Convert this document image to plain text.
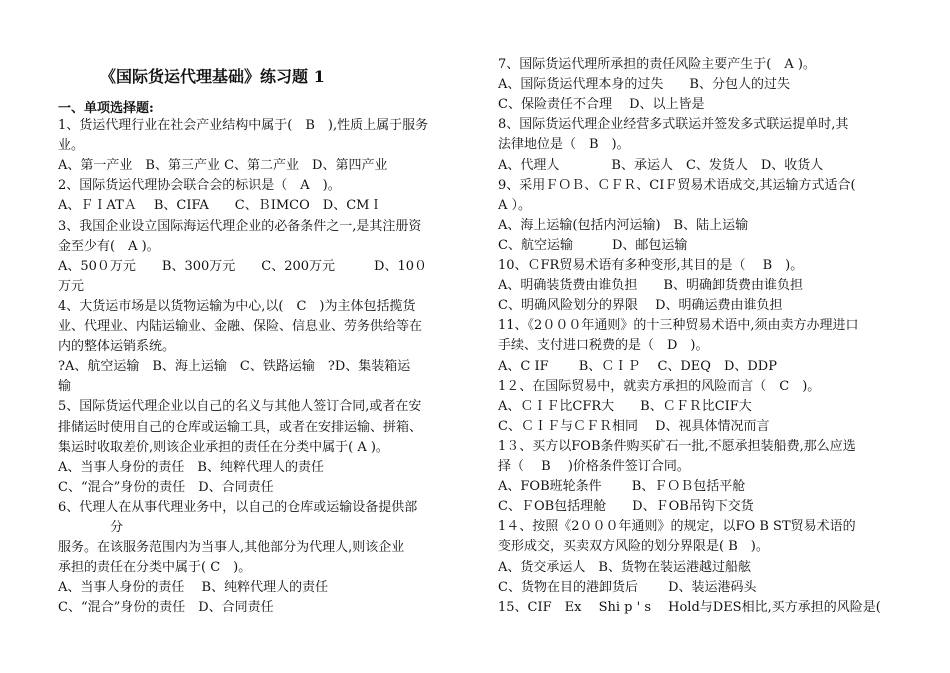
《国际货运代理基础》练习题 1
一、单项选择题:
1、货运代理行业在社会产业结构中属于(　B　),性质上属于服务
业。
A、第一产业　B、第三产业 C、第二产业　D、第四产业
2、国际货运代理协会联合会的标识是（　A　)。
A、ＦＩATＡ　 B、CIFA　　C、ＢIMCO　D、CMＩ
3、我国企业设立国际海运代理企业的必备条件之一,是其注册资
金至少有(　A )。
A、50０万元　　B、300万元　　C、200万元　　　D、10０
万元
4、大货运市场是以货物运输为中心,以(　C　)为主体包括揽货
业、代理业、内陆运输业、金融、保险、信息业、劳务供给等在
内的整体运销系统。
?A、航空运输　B、海上运输　C、铁路运输　?D、集装箱运
输
5、国际货运代理企业以自己的名义与其他人签订合同,或者在安
排储运时使用自己的仓库或运输工具，或者在安排运输、拼箱、
集运时收取差价,则该企业承担的责任在分类中属于( A )。
A、当事人身份的责任　B、纯粹代理人的责任
C、“混合”身份的责任　D、合同责任
6、代理人在从事代理业务中，以自己的仓库或运输设备提供部
　　　　分
服务。在该服务范围内为当事人,其他部分为代理人,则该企业
承担的责任在分类中属于( C　)。
A、当事人身份的责任　 B、纯粹代理人的责任
C、“混合”身份的责任　D、合同责任
7、国际货运代理所承担的责任风险主要产生于(　A )。
A、国际货运代理本身的过失　　B、分包人的过失
C、保险责任不合理　 D、以上皆是
8、国际货运代理企业经营多式联运并签发多式联运提单时,其
法律地位是（　B　)。
A、代理人　　　　B、承运人　C、发货人　D、收货人
9、采用ＦＯＢ、ＣＦＲ、CIＦ贸易术语成交,其运输方式适合(
A ）。
A、海上运输(包括内河运输)　B、陆上运输
C、航空运输　　　D、邮包运输
10、ＣFR贸易术语有多种变形,其目的是（　 B　)。
A、明确装货费由谁负担　　B、明确卸货费由谁负担
C、明确风险划分的界限　 D、明确运费由谁负担
11、《2０００年通则》的十三种贸易术语中,须由卖方办理进口
手续、支付进口税费的是（　D　)。
A、C IF　　 B、ＣＩＰ　 C、DEQ　D、DDP
1２、在国际贸易中，就卖方承担的风险而言（　C　)。
A、ＣＩＦ比CFR大　　B、ＣＦＲ比CIF大
C、ＣＩＦ与ＣＦＲ相同　 D、视具体情况而言
1３、买方以FOB条件购买矿石一批,不愿承担装船费,那么应选
择（　 B　 )价格条件签订合同。
A、FOB班轮条件　　 B、ＦＯＢ包括平舱
C、ＦOB包括理舱　　D、ＦOB吊钩下交货
1４、按照《2０００年通则》的规定，以FO B ST贸易术语的
变形成交，买卖双方风险的划分界限是( B　)。
A、货交承运人　B、货物在装运港越过船舷
C、货物在目的港卸货后　　 D、装运港码头
15、CIF　Ex　 Shi p ' s　 Hold与DES相比,买方承担的风险是(
